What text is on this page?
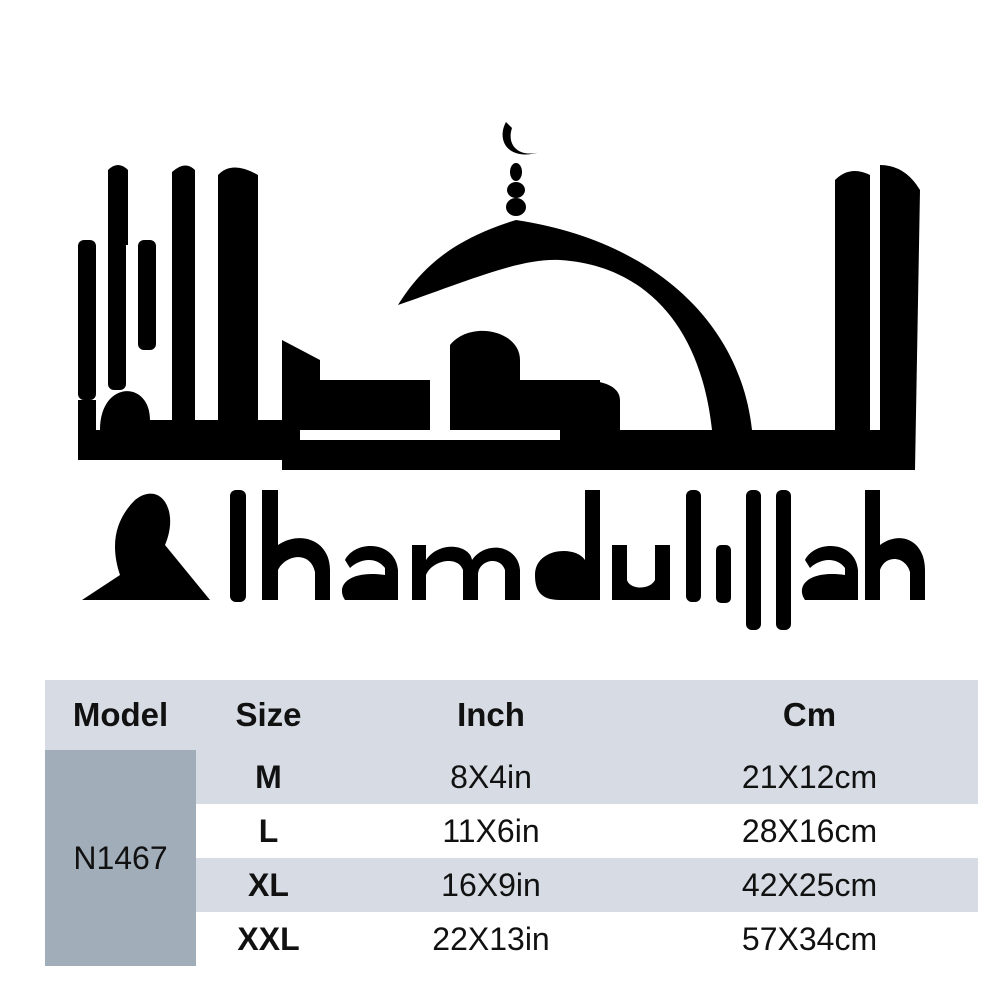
Model	Size	Inch	Cm
N1467	M	8X4in	21X12cm
	L	11X6in	28X16cm
	XL	16X9in	42X25cm
	XXL	22X13in	57X34cm
